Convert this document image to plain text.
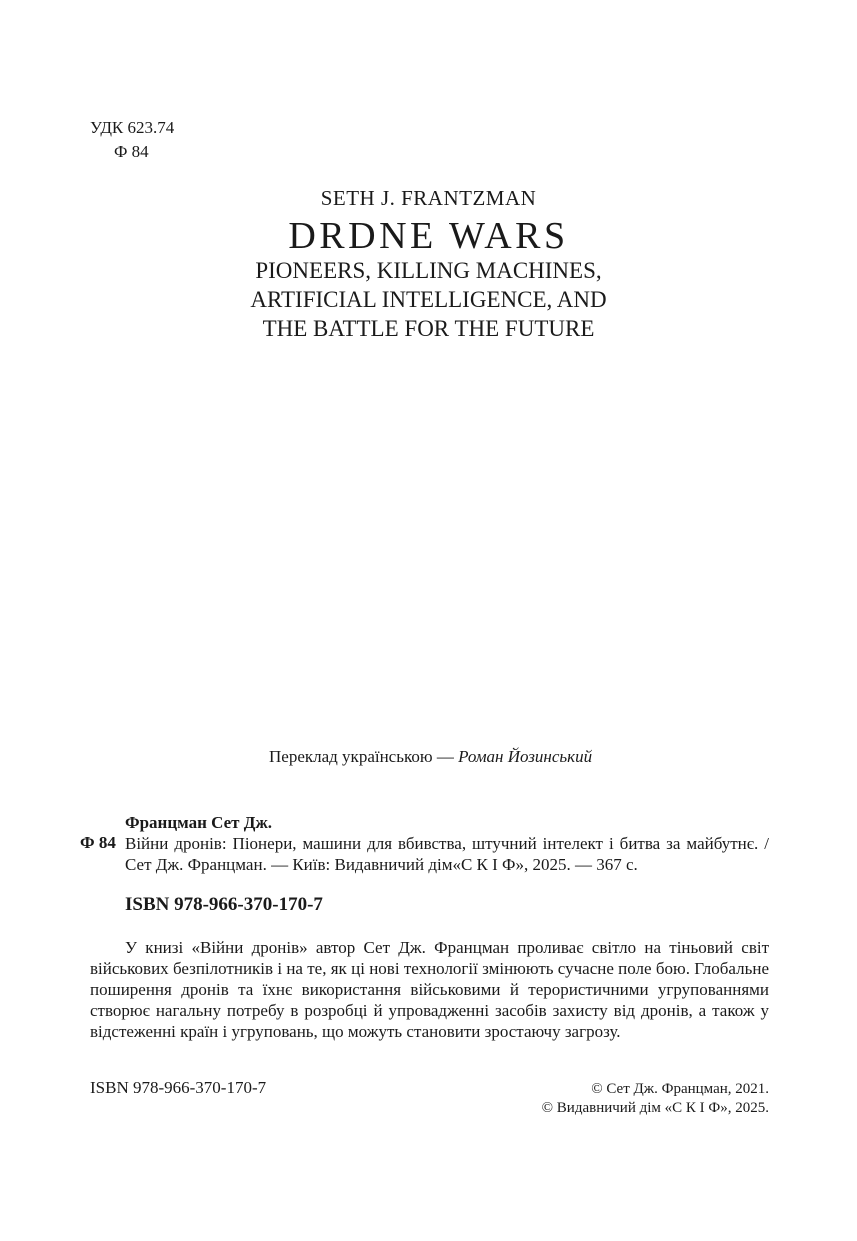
УДК 623.74
Ф 84
SETH J. FRANTZMAN
DRDNE WARS
PIONEERS, KILLING MACHINES,
ARTIFICIAL INTELLIGENCE, AND
THE BATTLE FOR THE FUTURE
Переклад українською — Роман Йозинський
Ф 84
Францман Сет Дж.
Війни дронів: Піонери, машини для вбивства, штучний інтелект і битва за майбутнє. / Сет Дж. Францман. — Київ: Видавничий дім«С К І Ф», 2025. — 367 с.
ISBN 978-966-370-170-7
У книзі «Війни дронів» автор Сет Дж. Францман проливає світло на тіньовий світ військових безпілотників і на те, як ці нові технології змінюють сучасне поле бою. Глобальне поширення дронів та їхнє використання військовими й терористичними угрупованнями створює нагальну потребу в розробці й упровадженні засобів захисту від дронів, а також у відстеженні країн і угруповань, що можуть становити зростаючу загрозу.
ISBN 978-966-370-170-7	© Сет Дж. Францман, 2021.
© Видавничий дім «С К І Ф», 2025.
